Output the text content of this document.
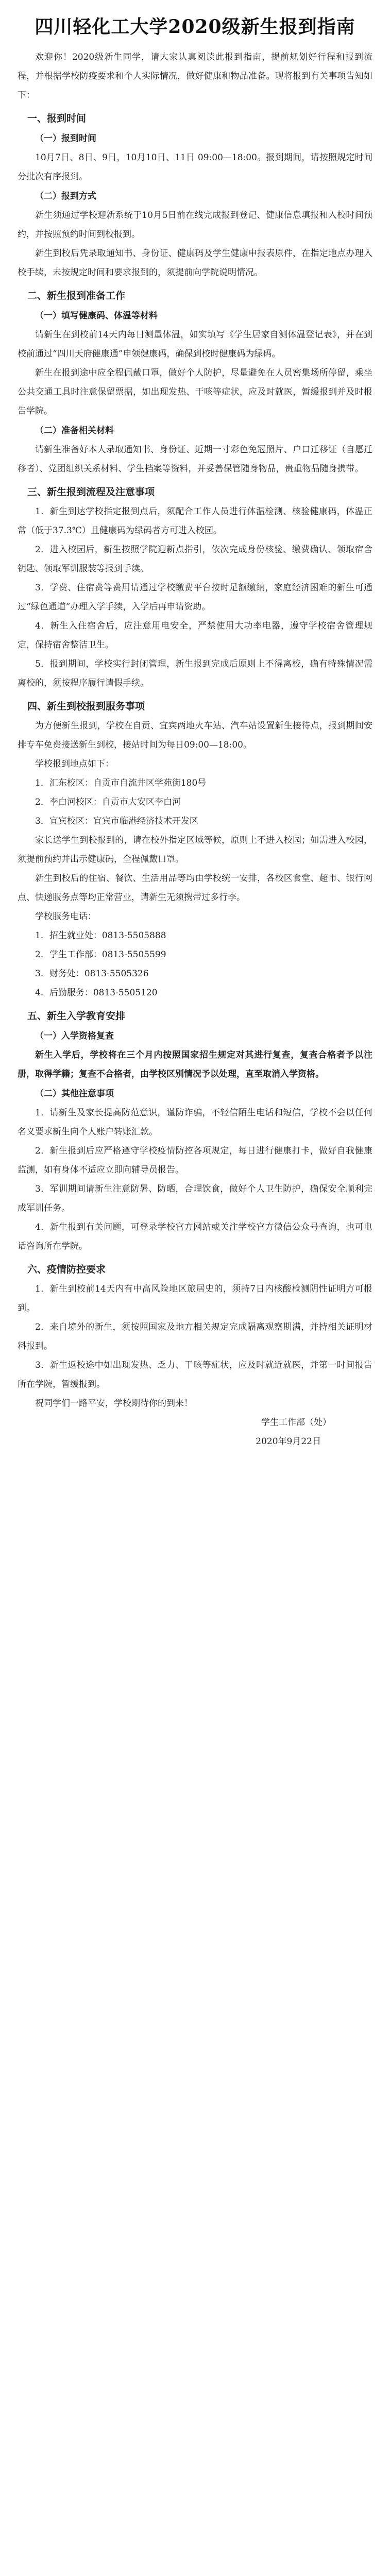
四川轻化工大学2020级新生报到指南

欢迎你！2020级新生同学，请大家认真阅读此报到指南，提前规划好行程和报到流程，并根据学校防疫要求和个人实际情况，做好健康和物品准备。现将报到有关事项告知如下：

一、报到时间
（一）报到时间

10月7日、8日、9日，10月10日、11日 09:00—18:00。报到期间，请按照规定时间分批次有序报到。

（二）报到方式

新生须通过学校迎新系统于10月5日前在线完成报到登记、健康信息填报和入校时间预约，并按照预约时间到校报到。

新生到校后凭录取通知书、身份证、健康码及学生健康申报表原件，在指定地点办理入校手续，未按规定时间和要求报到的，须提前向学院说明情况。

二、新生报到准备工作
（一）填写健康码、体温等材料

请新生在到校前14天内每日测量体温，如实填写《学生居家自测体温登记表》，并在到校前通过“四川天府健康通”申领健康码，确保到校时健康码为绿码。

新生在报到途中应全程佩戴口罩，做好个人防护，尽量避免在人员密集场所停留，乘坐公共交通工具时注意保留票据，如出现发热、干咳等症状，应及时就医，暂缓报到并及时报告学院。

（二）准备相关材料

请新生准备好本人录取通知书、身份证、近期一寸彩色免冠照片、户口迁移证（自愿迁移者）、党团组织关系材料、学生档案等资料，并妥善保管随身物品，贵重物品随身携带。

三、新生报到流程及注意事项

1．新生到达学校指定报到点后，须配合工作人员进行体温检测、核验健康码，体温正常（低于37.3℃）且健康码为绿码者方可进入校园。

2．进入校园后，新生按照学院迎新点指引，依次完成身份核验、缴费确认、领取宿舍钥匙、领取军训服装等报到手续。

3．学费、住宿费等费用请通过学校缴费平台按时足额缴纳，家庭经济困难的新生可通过“绿色通道”办理入学手续，入学后再申请资助。

4．新生入住宿舍后，应注意用电安全，严禁使用大功率电器，遵守学校宿舍管理规定，保持宿舍整洁卫生。

5．报到期间，学校实行封闭管理，新生报到完成后原则上不得离校，确有特殊情况需离校的，须按程序履行请假手续。

四、新生到校报到服务事项

为方便新生报到，学校在自贡、宜宾两地火车站、汽车站设置新生接待点，报到期间安排专车免费接送新生到校，接站时间为每日09:00—18:00。

学校报到地点如下：

1．汇东校区：自贡市自流井区学苑街180号

2．李白河校区：自贡市大安区李白河

3．宜宾校区：宜宾市临港经济技术开发区

家长送学生到校报到的，请在校外指定区域等候，原则上不进入校园；如需进入校园，须提前预约并出示健康码，全程佩戴口罩。

新生到校后的住宿、餐饮、生活用品等均由学校统一安排，各校区食堂、超市、银行网点、快递服务点等均正常营业，请新生无须携带过多行李。

学校服务电话：

1．招生就业处：0813-5505888

2．学生工作部：0813-5505599

3．财务处：0813-5505326

4．后勤服务：0813-5505120

五、新生入学教育安排
（一）入学资格复查

新生入学后，学校将在三个月内按照国家招生规定对其进行复查，复查合格者予以注册，取得学籍；复查不合格者，由学校区别情况予以处理，直至取消入学资格。

（二）其他注意事项

1．请新生及家长提高防范意识，谨防诈骗，不轻信陌生电话和短信，学校不会以任何名义要求新生向个人账户转账汇款。

2．新生报到后应严格遵守学校疫情防控各项规定，每日进行健康打卡，做好自我健康监测，如有身体不适应立即向辅导员报告。

3．军训期间请新生注意防暑、防晒，合理饮食，做好个人卫生防护，确保安全顺利完成军训任务。

4．新生报到有关问题，可登录学校官方网站或关注学校官方微信公众号查询，也可电话咨询所在学院。

六、疫情防控要求

1．新生到校前14天内有中高风险地区旅居史的，须持7日内核酸检测阴性证明方可报到。

2．来自境外的新生，须按照国家及地方相关规定完成隔离观察期满，并持相关证明材料报到。

3．新生返校途中如出现发热、乏力、干咳等症状，应及时就近就医，并第一时间报告所在学院，暂缓报到。

祝同学们一路平安，学校期待你的到来！

学生工作部（处）

2020年9月22日
